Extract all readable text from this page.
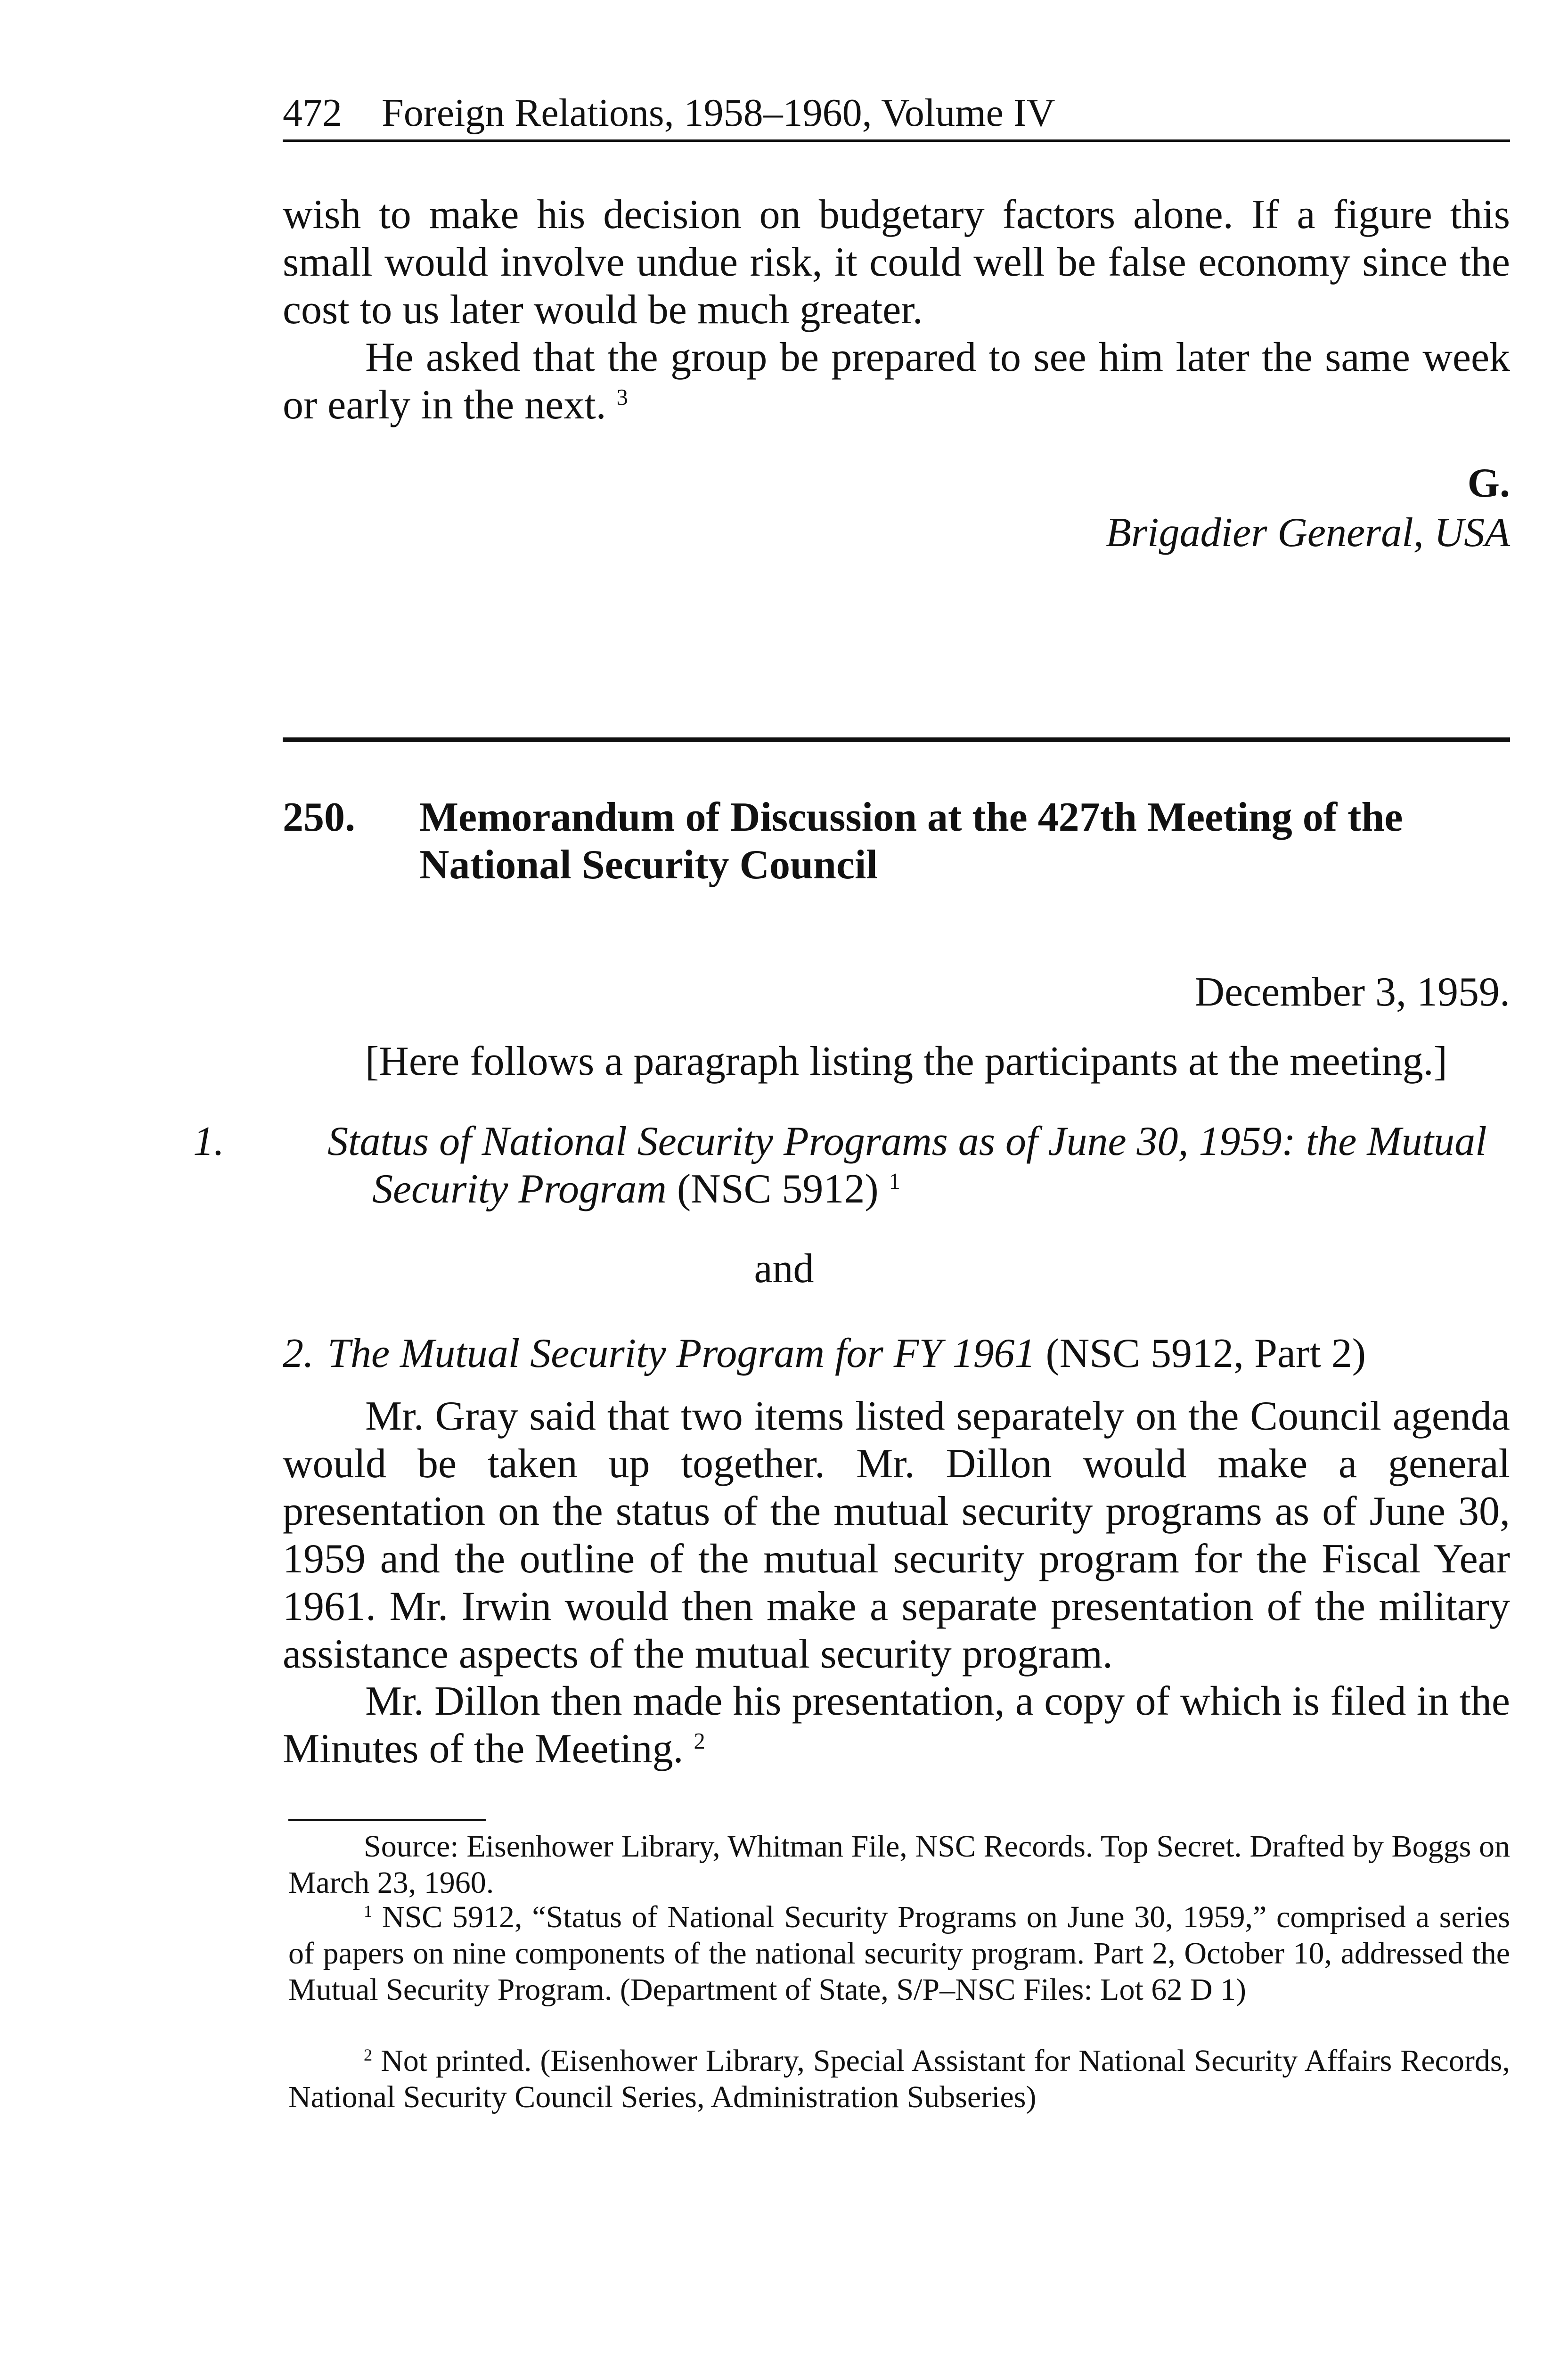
472 Foreign Relations, 1958–1960, Volume IV

wish to make his decision on budgetary factors alone. If a figure this small would involve undue risk, it could well be false economy since the cost to us later would be much greater.

He asked that the group be prepared to see him later the same week or early in the next. $^3$

G.
Brigadier General, USA
250. Memorandum of Discussion at the 427th Meeting of the National Security Council
December 3, 1959.
[Here follows a paragraph listing the participants at the meeting.]
1. Status of National Security Programs as of June 30, 1959: the Mutual Security Program (NSC 5912) $^1$
and
2. The Mutual Security Program for FY 1961 (NSC 5912, Part 2)

Mr. Gray said that two items listed separately on the Council agenda would be taken up together. Mr. Dillon would make a general presentation on the status of the mutual security programs as of June 30, 1959 and the outline of the mutual security program for the Fiscal Year 1961. Mr. Irwin would then make a separate presentation of the military assistance aspects of the mutual security program.

Mr. Dillon then made his presentation, a copy of which is filed in the Minutes of the Meeting. $^2$

Source: Eisenhower Library, Whitman File, NSC Records. Top Secret. Drafted by Boggs on March 23, 1960.

$^1$ NSC 5912, “Status of National Security Programs on June 30, 1959,” comprised a series of papers on nine components of the national security program. Part 2, October 10, addressed the Mutual Security Program. (Department of State, S/P–NSC Files: Lot 62 D 1)

$^2$ Not printed. (Eisenhower Library, Special Assistant for National Security Affairs Records, National Security Council Series, Administration Subseries)
